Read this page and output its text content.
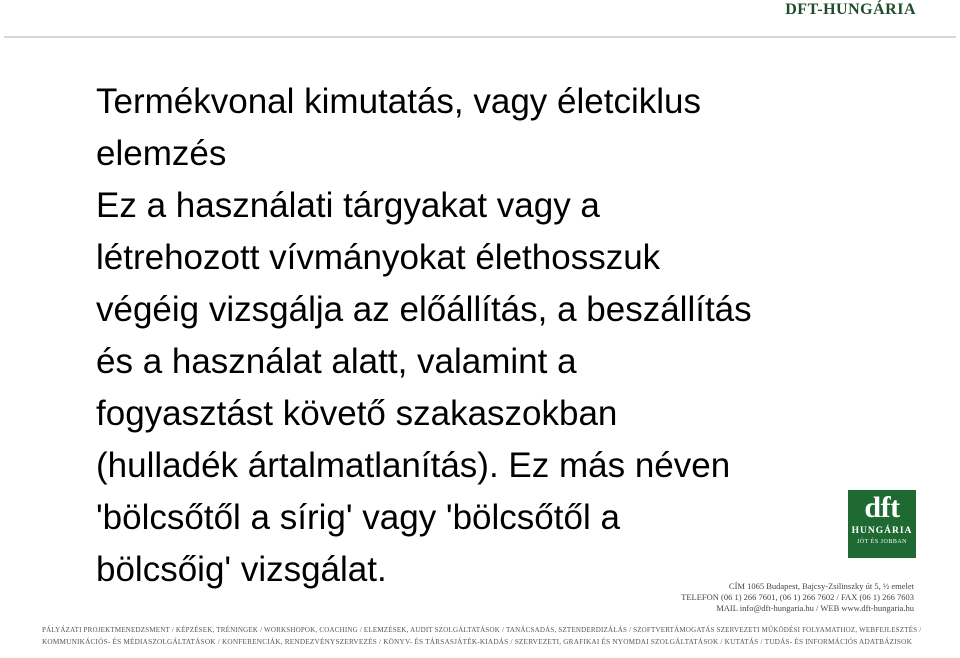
DFT-HUNGÁRIA
Termékvonal kimutatás, vagy életciklus
elemzés
Ez a használati tárgyakat vagy a
létrehozott vívmányokat élethosszuk
végéig vizsgálja az előállítás, a beszállítás
és a használat alatt, valamint a
fogyasztást követő szakaszokban
(hulladék ártalmatlanítás). Ez más néven
'bölcsőtől a sírig' vagy 'bölcsőtől a
bölcsőig' vizsgálat.
dft
HUNGÁRIA
JÓT ÉS JOBBAN
CÍM 1065 Budapest, Bajcsy-Zsilinszky út 5, ½ emelet
TELEFON (06 1) 266 7601, (06 1) 266 7602 / FAX (06 1) 266 7603
MAIL info@dft-hungaria.hu / WEB www.dft-hungaria.hu
PÁLYÁZATI PROJEKTMENEDZSMENT / KÉPZÉSEK, TRÉNINGEK / WORKSHOPOK, COACHING / ELEMZÉSEK, AUDIT SZOLGÁLTATÁSOK / TANÁCSADÁS, SZTENDERDIZÁLÁS / SZOFTVERTÁMOGATÁS SZERVEZETI MŰKÖDÉSI FOLYAMATHOZ, WEBFEJLESZTÉS /
KOMMUNIKÁCIÓS- ÉS MÉDIASZOLGÁLTATÁSOK / KONFERENCIÁK, RENDEZVÉNYSZERVEZÉS / KÖNYV- ÉS TÁRSASJÁTÉK-KIADÁS / SZERVEZETI, GRAFIKAI ÉS NYOMDAI SZOLGÁLTATÁSOK / KUTATÁS / TUDÁS- ÉS INFORMÁCIÓS ADATBÁZISOK
